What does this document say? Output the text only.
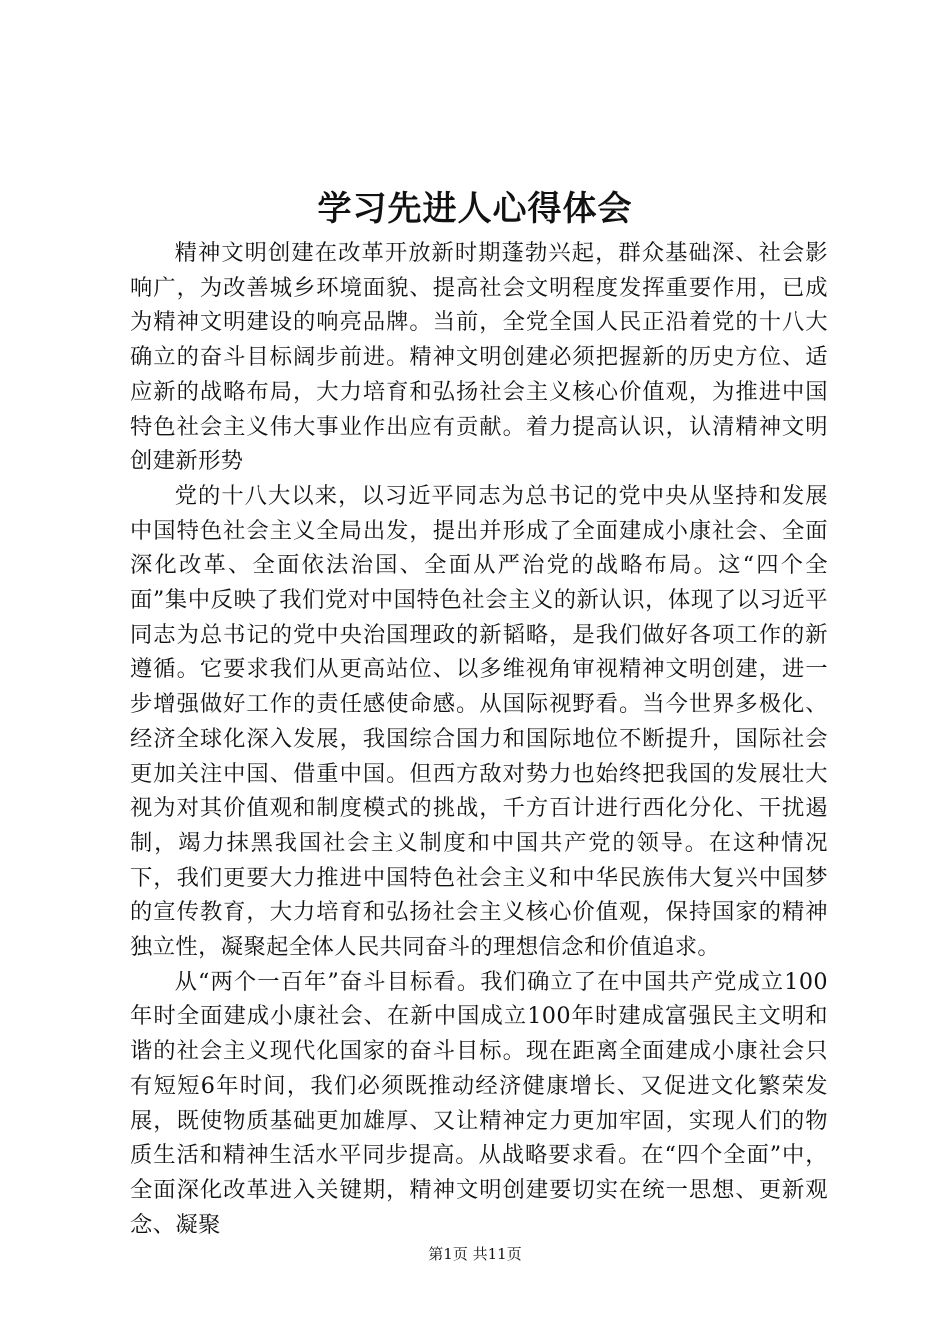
学习先进人心得体会

精神文明创建在改革开放新时期蓬勃兴起，群众基础深、社会影响广，为改善城乡环境面貌、提高社会文明程度发挥重要作用，已成为精神文明建设的响亮品牌。当前，全党全国人民正沿着党的十八大确立的奋斗目标阔步前进。精神文明创建必须把握新的历史方位、适应新的战略布局，大力培育和弘扬社会主义核心价值观，为推进中国特色社会主义伟大事业作出应有贡献。着力提高认识，认清精神文明创建新形势

党的十八大以来，以习近平同志为总书记的党中央从坚持和发展中国特色社会主义全局出发，提出并形成了全面建成小康社会、全面深化改革、全面依法治国、全面从严治党的战略布局。这“四个全面”集中反映了我们党对中国特色社会主义的新认识，体现了以习近平同志为总书记的党中央治国理政的新韬略，是我们做好各项工作的新遵循。它要求我们从更高站位、以多维视角审视精神文明创建，进一步增强做好工作的责任感使命感。从国际视野看。当今世界多极化、经济全球化深入发展，我国综合国力和国际地位不断提升，国际社会更加关注中国、借重中国。但西方敌对势力也始终把我国的发展壮大视为对其价值观和制度模式的挑战，千方百计进行西化分化、干扰遏制，竭力抹黑我国社会主义制度和中国共产党的领导。在这种情况下，我们更要大力推进中国特色社会主义和中华民族伟大复兴中国梦的宣传教育，大力培育和弘扬社会主义核心价值观，保持国家的精神独立性，凝聚起全体人民共同奋斗的理想信念和价值追求。

从“两个一百年”奋斗目标看。我们确立了在中国共产党成立100年时全面建成小康社会、在新中国成立100年时建成富强民主文明和谐的社会主义现代化国家的奋斗目标。现在距离全面建成小康社会只有短短6年时间，我们必须既推动经济健康增长、又促进文化繁荣发展，既使物质基础更加雄厚、又让精神定力更加牢固，实现人们的物质生活和精神生活水平同步提高。从战略要求看。在“四个全面”中，全面深化改革进入关键期，精神文明创建要切实在统一思想、更新观念、凝聚

第1页 共11页
